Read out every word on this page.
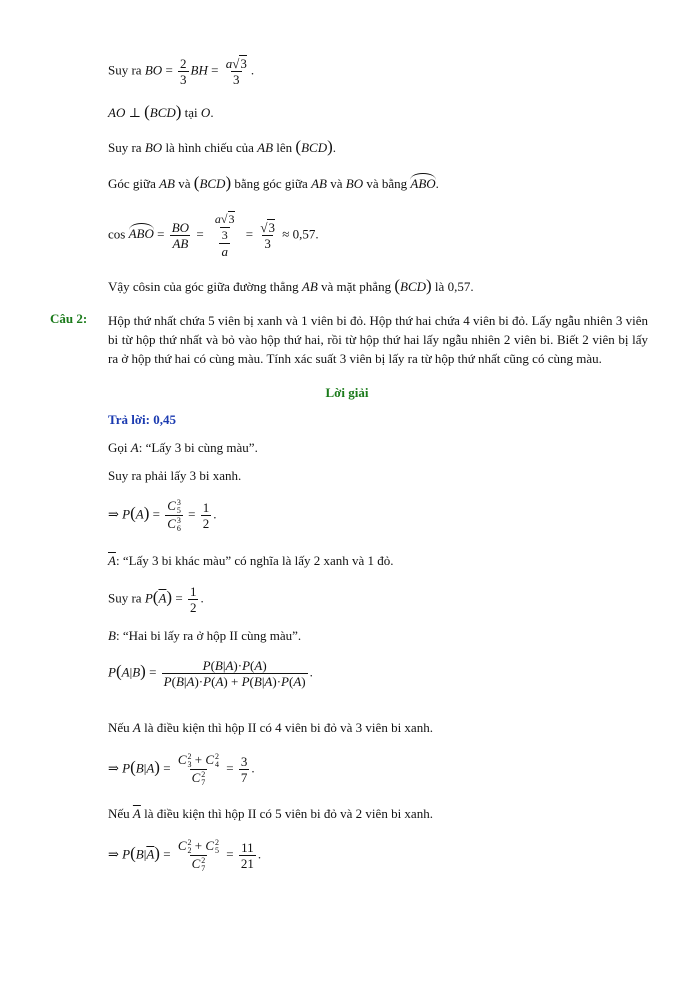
Suy ra BO = $\frac{2}{3}$ BH = $\frac{a√3}{3}$ .
AO ⊥ (BCD) tại O.
Suy ra BO là hình chiếu của AB lên (BCD).
Góc giữa AB và (BCD) bằng góc giữa AB và BO và bằng ABO.
cos ABO = $\frac{BO}{AB} = \frac{\frac{a√3}{3}}{a} = \frac{√3}{3} \approx 0,57$.
Vậy côsin của góc giữa đường thẳng AB và mặt phẳng (BCD) là 0,57.
Câu 2: Hộp thứ nhất chứa 5 viên bị xanh và 1 viên bi đỏ. Hộp thứ hai chứa 4 viên bi đỏ. Lấy ngẫu nhiên 3 viên bi từ hộp thứ nhất và bỏ vào hộp thứ hai, rồi từ hộp thứ hai lấy ngẫu nhiên 2 viên bi. Biết 2 viên bị lấy ra ở hộp thứ hai có cùng màu. Tính xác suất 3 viên bị lấy ra từ hộp thứ nhất cũng có cùng màu.
Lời giải
Trả lời: 0,45
Gọi A: “Lấy 3 bi cùng màu”.
Suy ra phải lấy 3 bi xanh.
⇒ P(A) = C 3
5
C 3
$6 = \frac{1}{2}$ .
$\overline{A}$: “Lấy 3 bi khác màu” có nghĩa là lấy 2 xanh và 1 đỏ.
Suy ra $P(\overline{A}) = \frac{1}{2}$ .
B: “Hai bi lấy ra ở hộp II cùng màu”.
$P(A|B) = \frac{P(B|A)\cdot P(A)}{P(B|A)\cdot P(A) + P(B|\overline{A})\cdot P(\overline{A})}$ .
Nếu A là điều kiện thì hộp II có 4 viên bi đỏ và 3 viên bi xanh.
⇒ P(B|A) = C 2
3 + C 2
4
C 2
$7 = \frac{3}{7}$ .
Nếu $\overline{A}$ là điều kiện thì hộp II có 5 viên bi đỏ và 2 viên bi xanh.
⇒ $P(B|\overline{A}) = C$ 2
2 + C 2
5
C 2
$7 = \frac{11}{21}$ .
